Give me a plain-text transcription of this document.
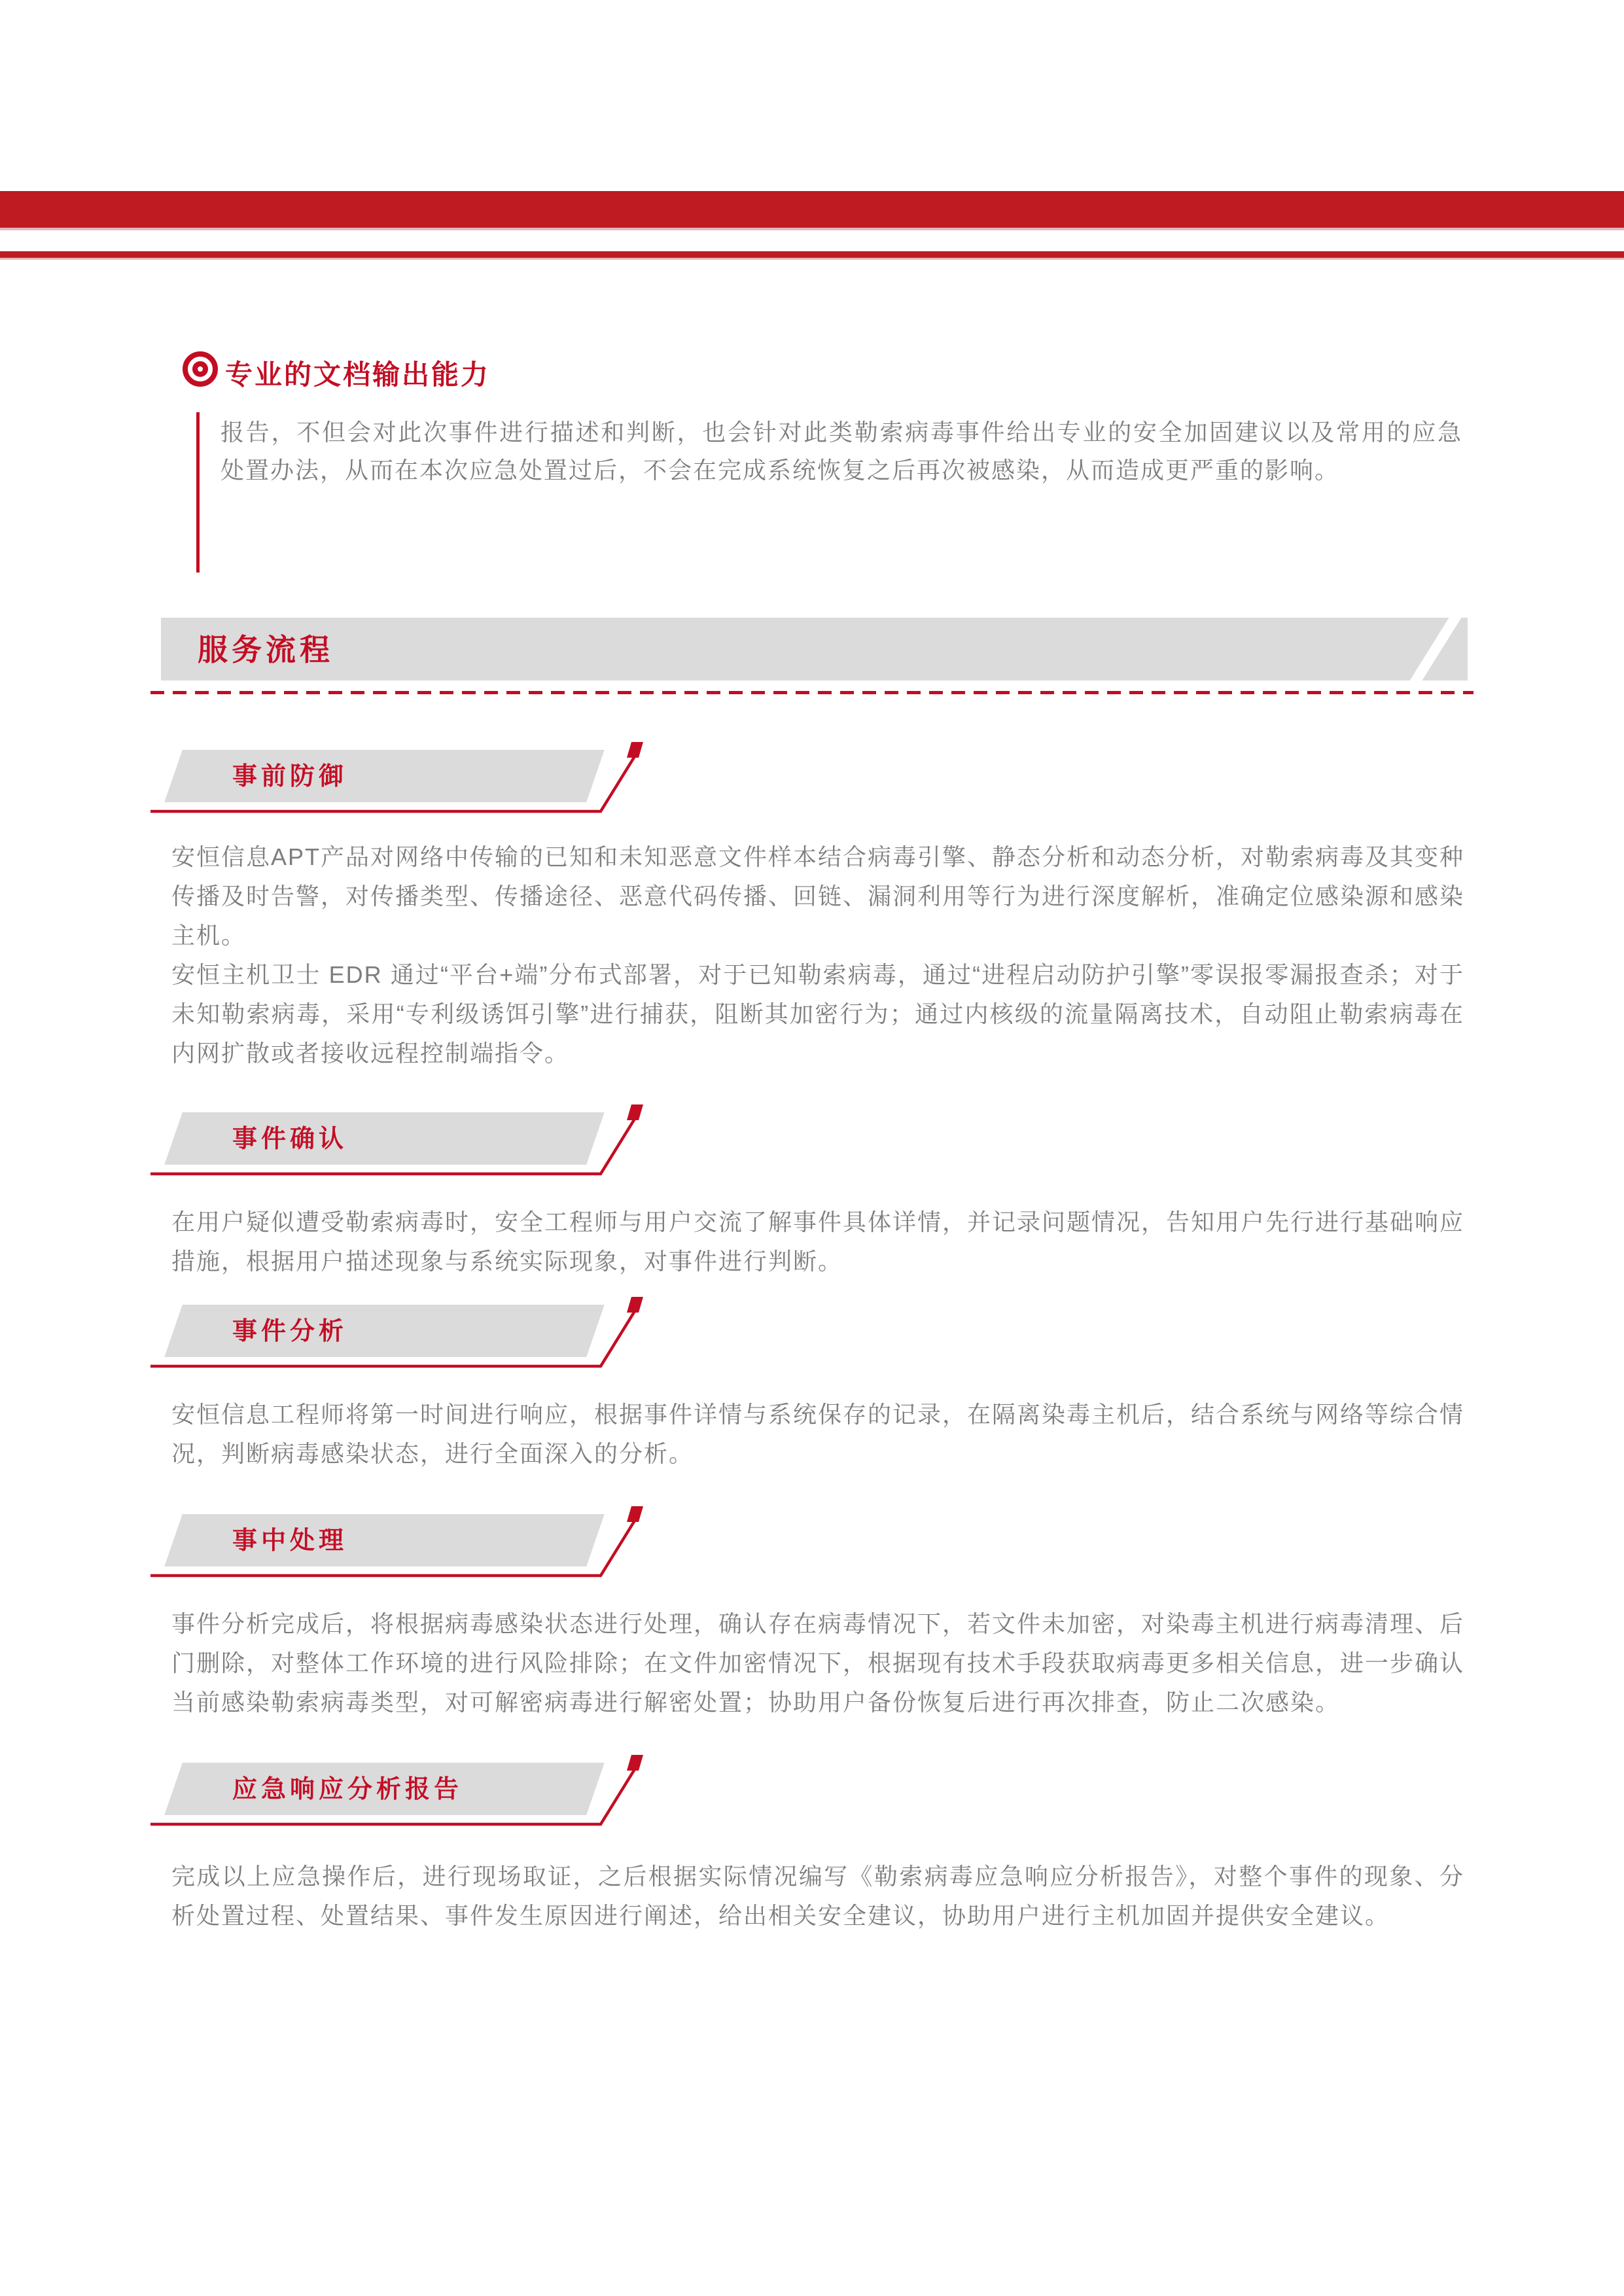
专业的文档输出能力
报告，不但会对此次事件进行描述和判断，也会针对此类勒索病毒事件给出专业的安全加固建议以及常用的应急处置办法，从而在本次应急处置过后，不会在完成系统恢复之后再次被感染，从而造成更严重的影响。
服务流程
事前防御

安恒信息APT产品对网络中传输的已知和未知恶意文件样本结合病毒引擎、静态分析和动态分析，对勒索病毒及其变种传播及时告警，对传播类型、传播途径、恶意代码传播、回链、漏洞利用等行为进行深度解析，准确定位感染源和感染主机。

安恒主机卫士 EDR 通过“平台+端”分布式部署，对于已知勒索病毒，通过“进程启动防护引擎”零误报零漏报查杀；对于未知勒索病毒，采用“专利级诱饵引擎”进行捕获，阻断其加密行为；通过内核级的流量隔离技术，自动阻止勒索病毒在内网扩散或者接收远程控制端指令。

事件确认

在用户疑似遭受勒索病毒时，安全工程师与用户交流了解事件具体详情，并记录问题情况，告知用户先行进行基础响应措施，根据用户描述现象与系统实际现象，对事件进行判断。

事件分析

安恒信息工程师将第一时间进行响应，根据事件详情与系统保存的记录，在隔离染毒主机后，结合系统与网络等综合情况，判断病毒感染状态，进行全面深入的分析。

事中处理

事件分析完成后，将根据病毒感染状态进行处理，确认存在病毒情况下，若文件未加密，对染毒主机进行病毒清理、后门删除，对整体工作环境的进行风险排除；在文件加密情况下，根据现有技术手段获取病毒更多相关信息，进一步确认当前感染勒索病毒类型，对可解密病毒进行解密处置；协助用户备份恢复后进行再次排查，防止二次感染。

应急响应分析报告

完成以上应急操作后，进行现场取证，之后根据实际情况编写《勒索病毒应急响应分析报告》，对整个事件的现象、分析处置过程、处置结果、事件发生原因进行阐述，给出相关安全建议，协助用户进行主机加固并提供安全建议。
